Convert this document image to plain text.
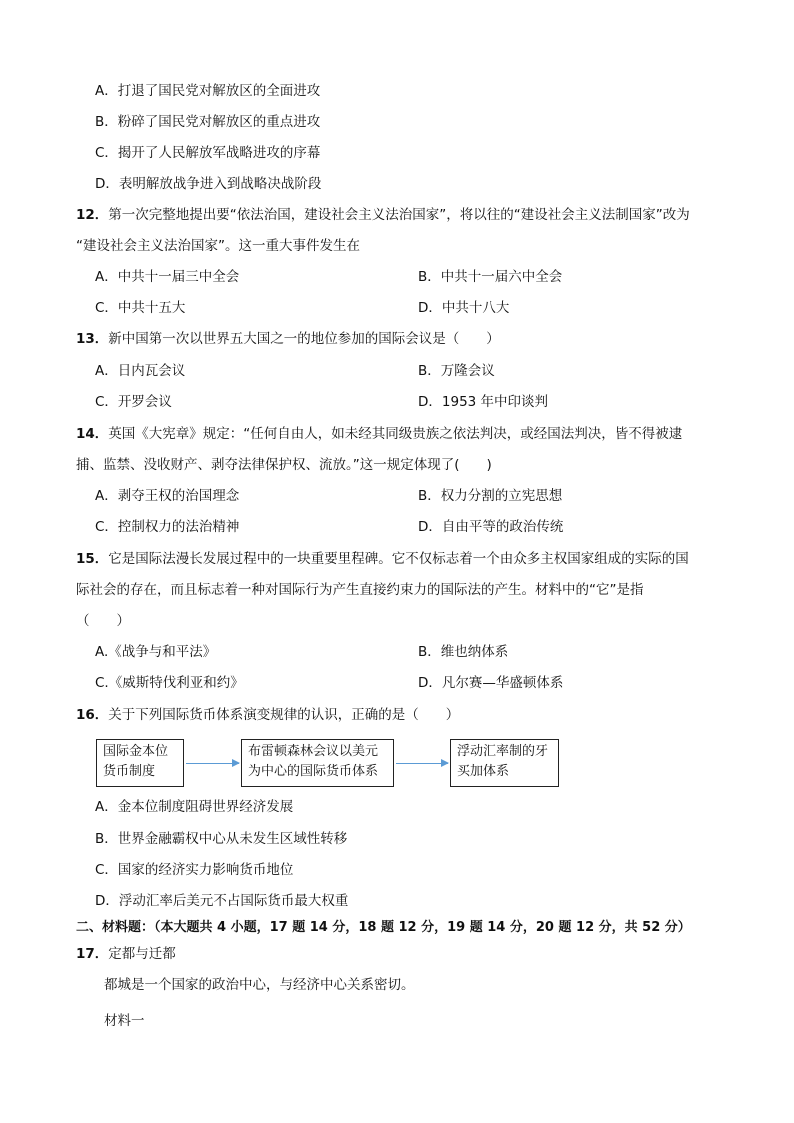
A．打退了国民党对解放区的全面进攻
B．粉碎了国民党对解放区的重点进攻
C．揭开了人民解放军战略进攻的序幕
D．表明解放战争进入到战略决战阶段
12．第一次完整地提出要“依法治国，建设社会主义法治国家”，将以往的“建设社会主义法制国家”改为
“建设社会主义法治国家”。这一重大事件发生在
A．中共十一届三中全会	B．中共十一届六中全会
C．中共十五大	D．中共十八大
13．新中国第一次以世界五大国之一的地位参加的国际会议是（　　）
A．日内瓦会议	B．万隆会议
C．开罗会议	D．1953 年中印谈判
14．英国《大宪章》规定：“任何自由人，如未经其同级贵族之依法判决，或经国法判决，皆不得被逮
捕、监禁、没收财产、剥夺法律保护权、流放。”这一规定体现了(　　)
A．剥夺王权的治国理念	B．权力分割的立宪思想
C．控制权力的法治精神	D．自由平等的政治传统
15．它是国际法漫长发展过程中的一块重要里程碑。它不仅标志着一个由众多主权国家组成的实际的国
际社会的存在，而且标志着一种对国际行为产生直接约束力的国际法的产生。材料中的“它”是指
（　　）
A.《战争与和平法》	B．维也纳体系
C.《威斯特伐利亚和约》	D．凡尔赛—华盛顿体系
16．关于下列国际货币体系演变规律的认识，正确的是（　　）
国际金本位
货币制度
布雷顿森林会议以美元
为中心的国际货币体系
浮动汇率制的牙
买加体系
A．金本位制度阻碍世界经济发展
B．世界金融霸权中心从未发生区域性转移
C．国家的经济实力影响货币地位
D．浮动汇率后美元不占国际货币最大权重
二、材料题：（本大题共 4 小题，17 题 14 分，18 题 12 分，19 题 14 分，20 题 12 分，共 52 分）
17．定都与迁都
都城是一个国家的政治中心，与经济中心关系密切。
材料一
